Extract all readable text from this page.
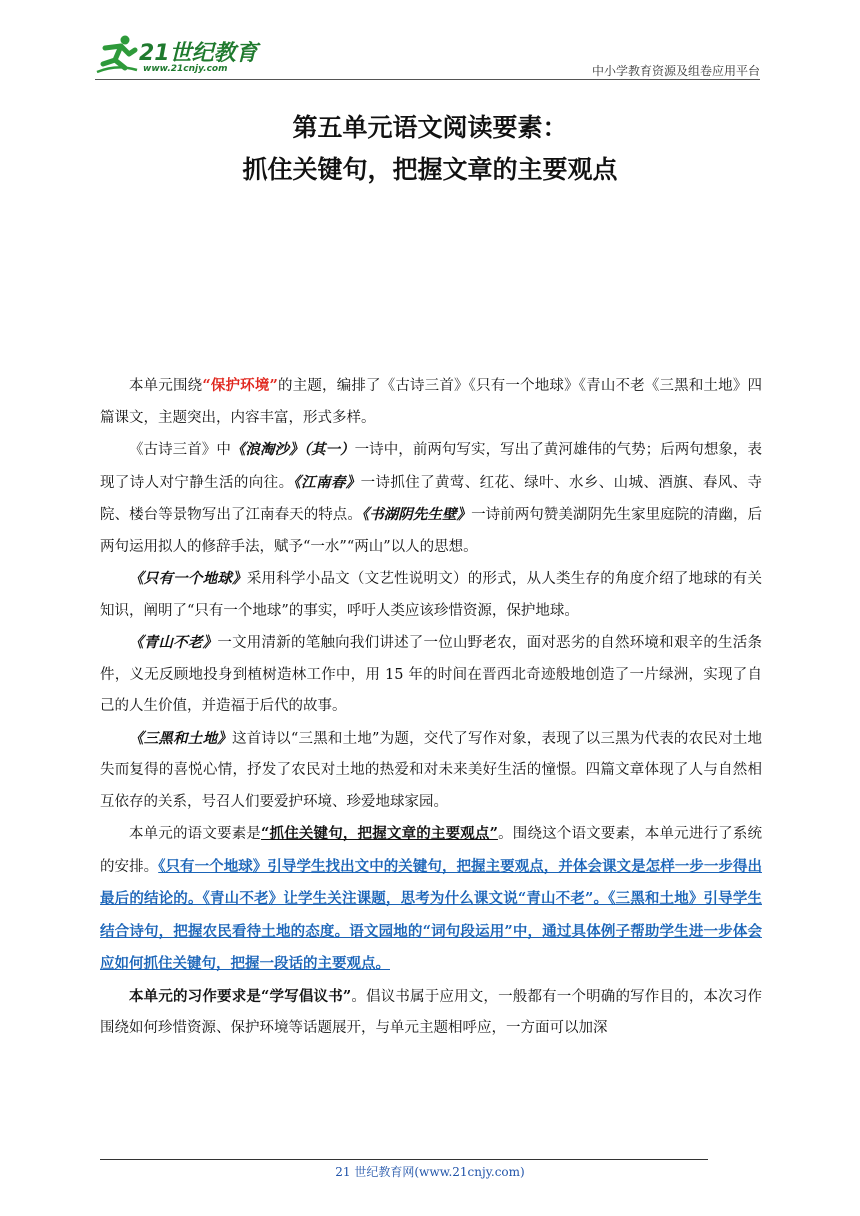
21世纪教育
www.21cnjy.com	中小学教育资源及组卷应用平台
第五单元语文阅读要素：
抓住关键句，把握文章的主要观点

本单元围绕“保护环境”的主题，编排了《古诗三首》《只有一个地球》《青山不老《三黑和土地》四篇课文，主题突出，内容丰富，形式多样。

《古诗三首》中《浪淘沙》（其一）一诗中，前两句写实，写出了黄河雄伟的气势；后两句想象，表现了诗人对宁静生活的向往。《江南春》一诗抓住了黄莺、红花、绿叶、水乡、山城、酒旗、春风、寺院、楼台等景物写出了江南春天的特点。《书湖阴先生壁》一诗前两句赞美湖阴先生家里庭院的清幽，后两句运用拟人的修辞手法，赋予“一水”“两山”以人的思想。

《只有一个地球》采用科学小品文（文艺性说明文）的形式，从人类生存的角度介绍了地球的有关知识，阐明了“只有一个地球”的事实，呼吁人类应该珍惜资源，保护地球。

《青山不老》一文用清新的笔触向我们讲述了一位山野老农，面对恶劣的自然环境和艰辛的生活条件，义无反顾地投身到植树造林工作中，用 15 年的时间在晋西北奇迹般地创造了一片绿洲，实现了自己的人生价值，并造福于后代的故事。

《三黑和土地》这首诗以“三黑和土地”为题，交代了写作对象，表现了以三黑为代表的农民对土地失而复得的喜悦心情，抒发了农民对土地的热爱和对未来美好生活的憧憬。四篇文章体现了人与自然相互依存的关系，号召人们要爱护环境、珍爱地球家园。

本单元的语文要素是“抓住关键句，把握文章的主要观点”。围绕这个语文要素，本单元进行了系统的安排。《只有一个地球》引导学生找出文中的关键句，把握主要观点，并体会课文是怎样一步一步得出最后的结论的。《青山不老》让学生关注课题，思考为什么课文说“青山不老”。《三黑和土地》引导学生结合诗句，把握农民看待土地的态度。语文园地的“词句段运用”中，通过具体例子帮助学生进一步体会应如何抓住关键句，把握一段话的主要观点。

本单元的习作要求是“学写倡议书”。倡议书属于应用文，一般都有一个明确的写作目的，本次习作围绕如何珍惜资源、保护环境等话题展开，与单元主题相呼应，一方面可以加深

21 世纪教育网(www.21cnjy.com)
